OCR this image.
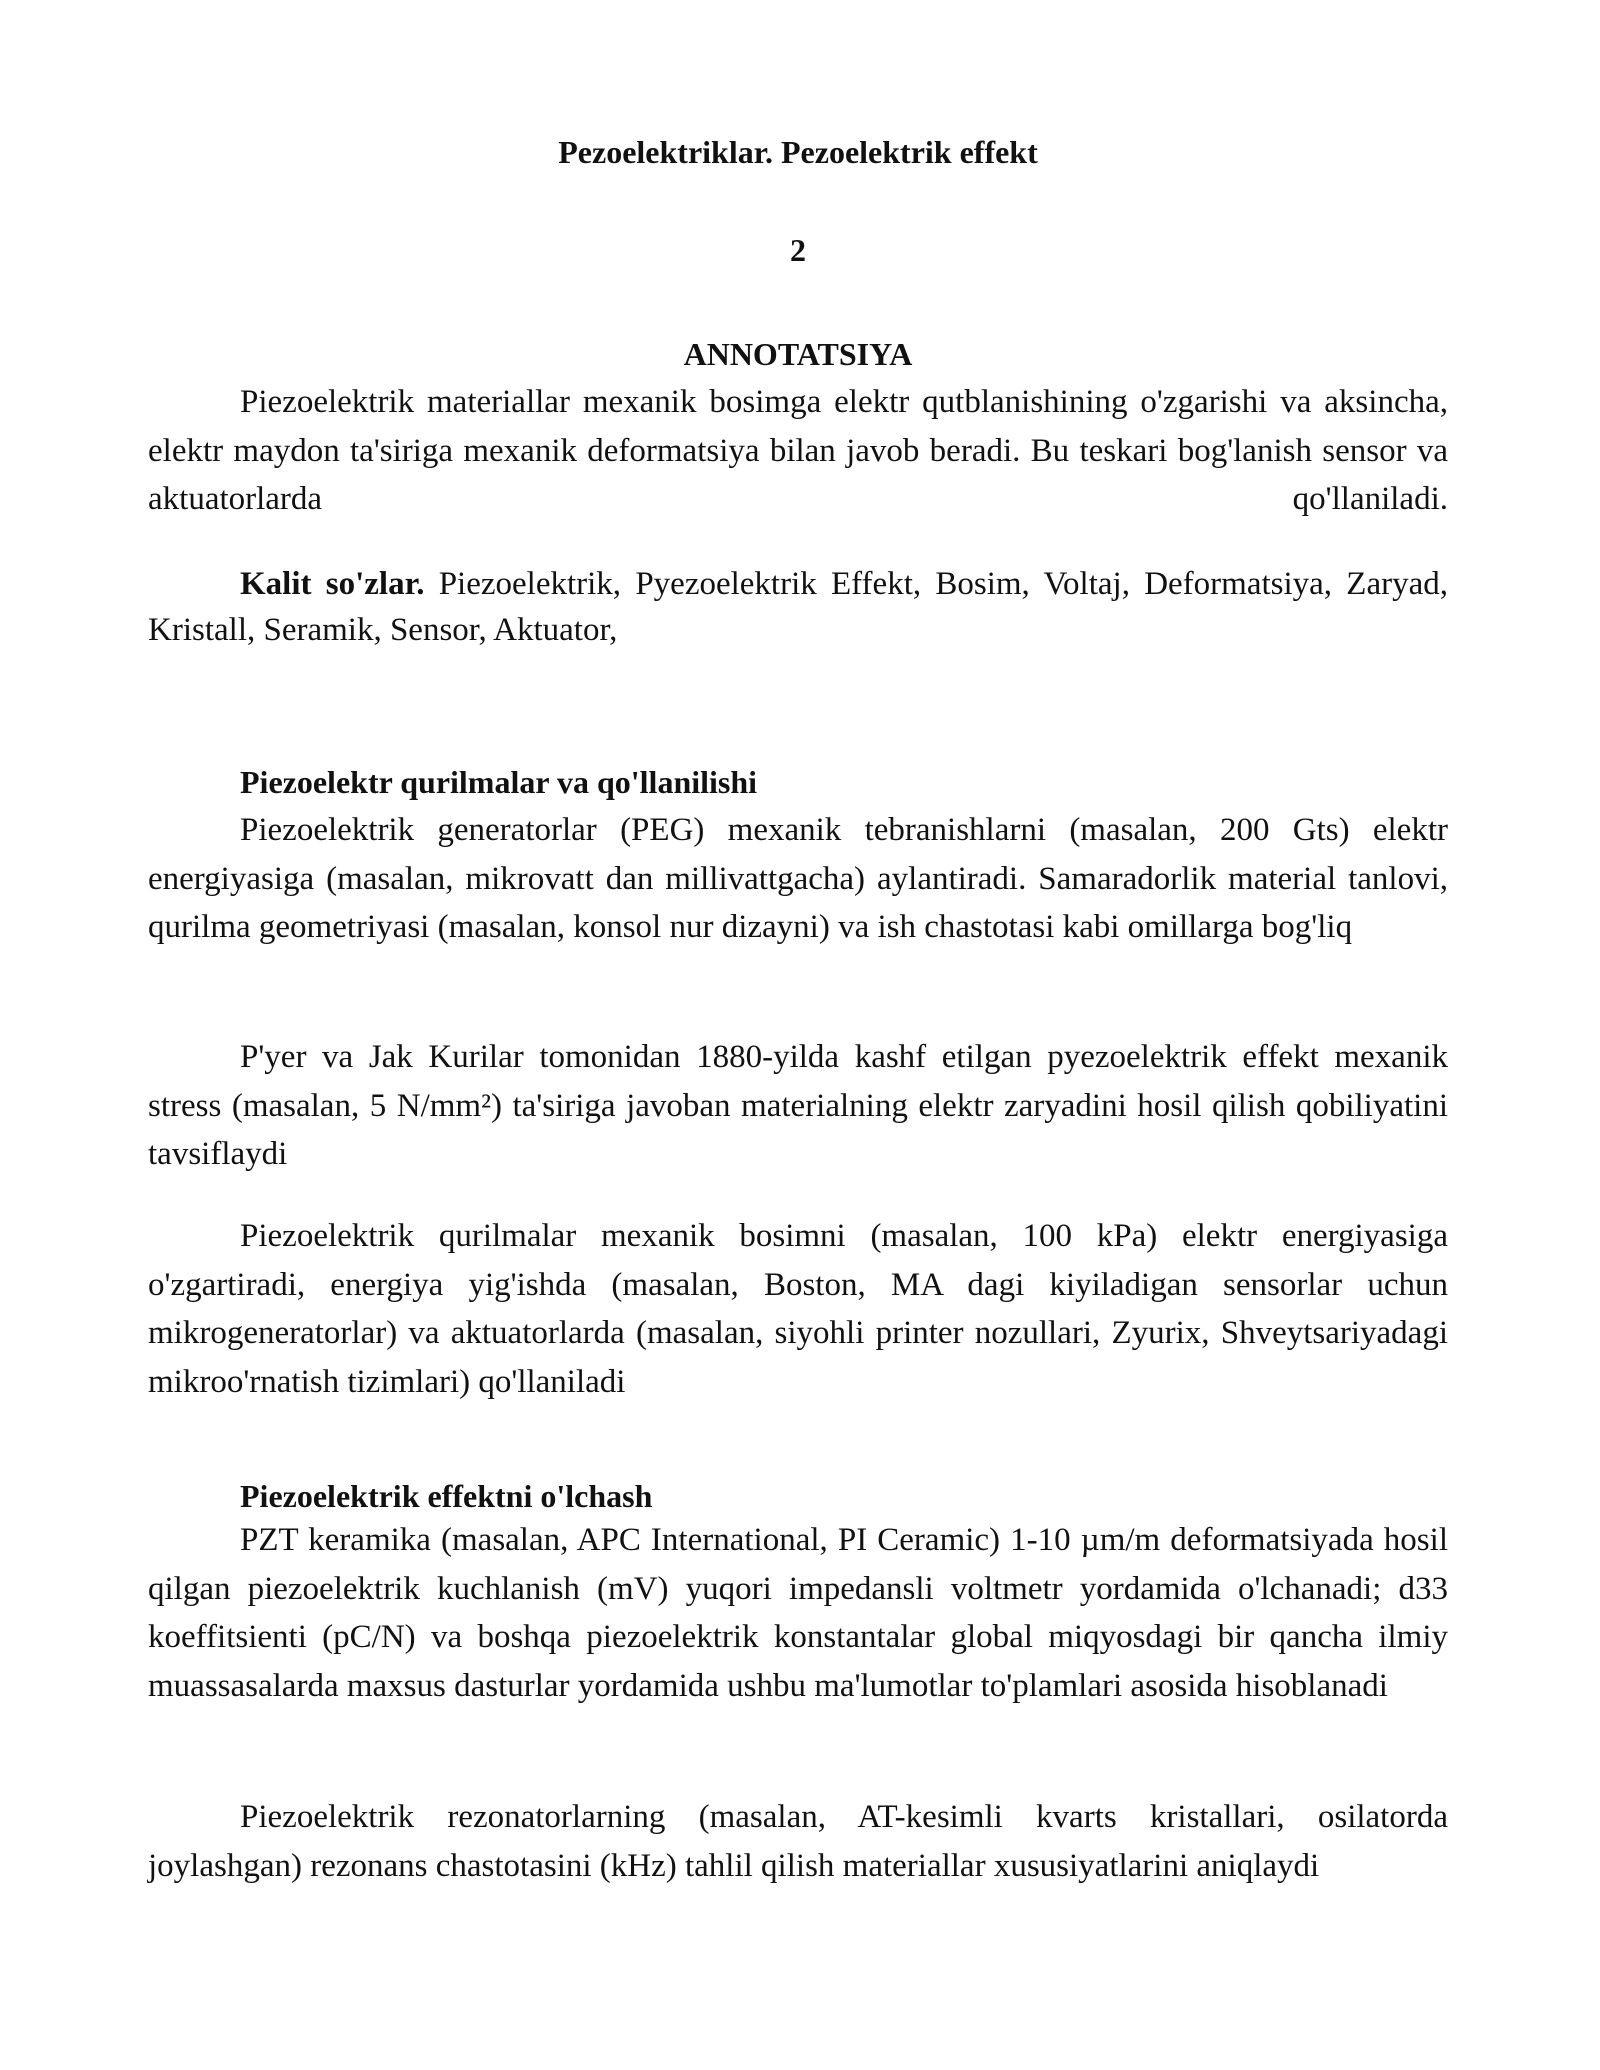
Pezoelektriklar. Pezoelektrik effekt
2
ANNOTATSIYA

Piezoelektrik materiallar mexanik bosimga elektr qutblanishining o'zgarishi va aksincha, elektr maydon ta'siriga mexanik deformatsiya bilan javob beradi. Bu teskari bog'lanish sensor va aktuatorlarda qo'llaniladi.

Kalit so'zlar. Piezoelektrik, Pyezoelektrik Effekt, Bosim, Voltaj, Deformatsiya, Zaryad, Kristall, Seramik, Sensor, Aktuator,

Piezoelektr qurilmalar va qo'llanilishi

Piezoelektrik generatorlar (PEG) mexanik tebranishlarni (masalan, 200 Gts) elektr energiyasiga (masalan, mikrovatt dan millivattgacha) aylantiradi. Samaradorlik material tanlovi, qurilma geometriyasi (masalan, konsol nur dizayni) va ish chastotasi kabi omillarga bog'liq

P'yer va Jak Kurilar tomonidan 1880-yilda kashf etilgan pyezoelektrik effekt mexanik stress (masalan, 5 N/mm²) ta'siriga javoban materialning elektr zaryadini hosil qilish qobiliyatini tavsiflaydi

Piezoelektrik qurilmalar mexanik bosimni (masalan, 100 kPa) elektr energiyasiga o'zgartiradi, energiya yig'ishda (masalan, Boston, MA dagi kiyiladigan sensorlar uchun mikrogeneratorlar) va aktuatorlarda (masalan, siyohli printer nozullari, Zyurix, Shveytsariyadagi mikroo'rnatish tizimlari) qo'llaniladi

Piezoelektrik effektni o'lchash

PZT keramika (masalan, APC International, PI Ceramic) 1-10 µm/m deformatsiyada hosil qilgan piezoelektrik kuchlanish (mV) yuqori impedansli voltmetr yordamida o'lchanadi; d33 koeffitsienti (pC/N) va boshqa piezoelektrik konstantalar global miqyosdagi bir qancha ilmiy muassasalarda maxsus dasturlar yordamida ushbu ma'lumotlar to'plamlari asosida hisoblanadi

Piezoelektrik rezonatorlarning (masalan, AT-kesimli kvarts kristallari, osilatorda joylashgan) rezonans chastotasini (kHz) tahlil qilish materiallar xususiyatlarini aniqlaydi
